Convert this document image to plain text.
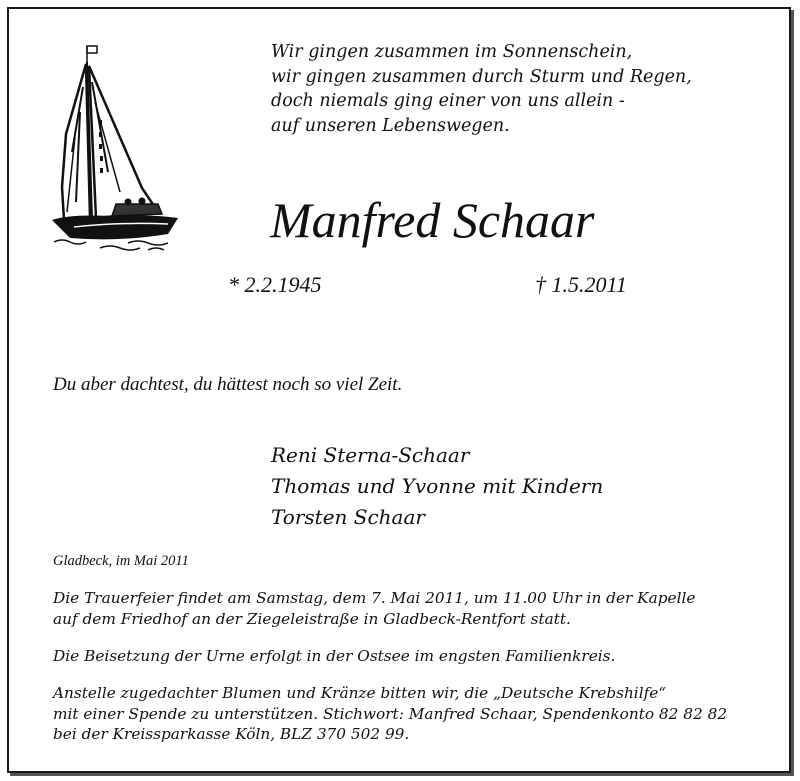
Wir gingen zusammen im Sonnenschein,
wir gingen zusammen durch Sturm und Regen,
doch niemals ging einer von uns allein -
auf unseren Lebenswegen.
Manfred Schaar
* 2.2.1945	† 1.5.2011
Du aber dachtest, du hättest noch so viel Zeit.
Reni Sterna-Schaar
Thomas und Yvonne mit Kindern
Torsten Schaar
Gladbeck, im Mai 2011
Die Trauerfeier findet am Samstag, dem 7. Mai 2011, um 11.00 Uhr in der Kapelle
auf dem Friedhof an der Ziegeleistraße in Gladbeck-Rentfort statt.
Die Beisetzung der Urne erfolgt in der Ostsee im engsten Familienkreis.
Anstelle zugedachter Blumen und Kränze bitten wir, die „Deutsche Krebshilfe“
mit einer Spende zu unterstützen. Stichwort: Manfred Schaar, Spendenkonto 82 82 82
bei der Kreissparkasse Köln, BLZ 370 502 99.
